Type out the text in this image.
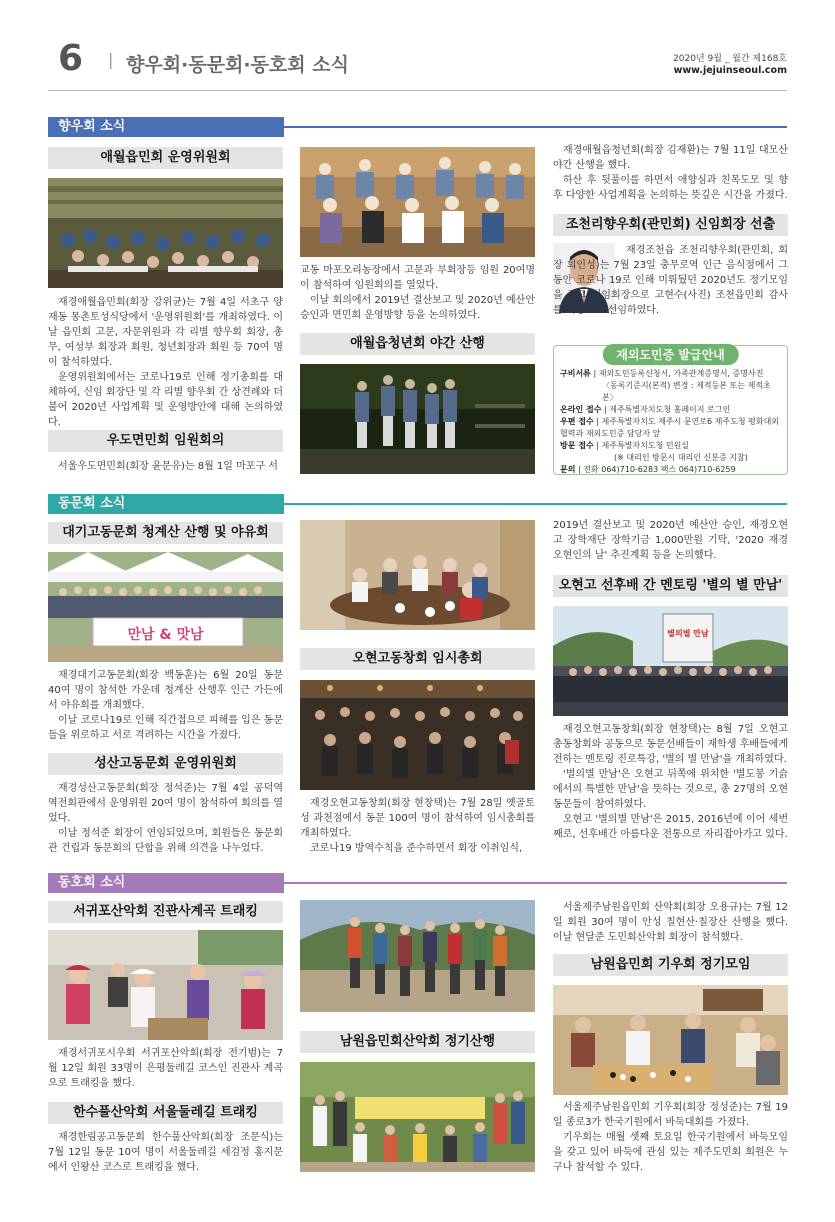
6 | 향우회·동문회·동호회 소식	2020년 9월 _ 월간 제168호
www.jejuinseoul.com
향우회 소식
애월읍민회 운영위원회
재경애월읍민회(회장 강위균)는 7월 4일 서초구 양재동 몽촌토성식당에서 '운영위원회'를 개최하였다. 이날 읍민회 고문, 자문위원과 각 리별 향우회 회장, 총무, 여성부 회장과 회원, 청년회장과 회원 등 70여 명이 참석하였다.
운영위원회에서는 코로나19로 인해 정기총회를 대체하여, 신임 회장단 및 각 리별 향우회 간 상견례와 더불어 2020년 사업계획 및 운영방안에 대해 논의하였다.
우도면민회 임원회의
서울우도면민회(회장 윤문유)는 8월 1일 마포구 서
교동 마포오리농장에서 고문과 부회장등 임원 20여명이 참석하여 임원회의를 열었다.
이날 회의에서 2019년 결산보고 및 2020년 예산안 승인과 면민회 운영방향 등을 논의하였다.
애월읍청년회 야간 산행
재경애월읍청년회(회장 김재환)는 7월 11일 대모산 야간 산행을 했다.
하산 후 뒷풀이를 하면서 애향심과 친목도모 및 향후 다양한 사업계획을 논의하는 뜻깊은 시간을 가졌다.
조천리향우회(관민회) 신임회장 선출
재경조천읍 조천리향우회(관민회, 회장 회인성)는 7월 23일 충무로역 인근 음식점에서 그동안 코로나 19로 인해 미뤄뒀던 2020년도 정기모임을 갖고 신임회장으로 고현수(사진) 조천읍민회 감사를 회장으로 선임하였다.
재외도민증 발급안내
구비서류 | 재외도민등록신청서, 가족관계증명서, 증명사진
〈동록기준지(본적) 변경 : 제적등본 또는 제적초본〉
온라인 접수 | 제주특별자치도청 홈페이지 로그인
우편 접수 | 제주특별자치도 제주시 문연로6 제주도청 평화대외협력과 재외도민증 담당자 앞
방문 접수 | 제주특별자치도청 민원실
(※ 대리인 방문시 대리인 신분증 지참)
문의 | 전화 064)710-6283 팩스 064)710-6259
동문회 소식
대기고동문회 청계산 산행 및 야유회
만남 & 맛남
재경대기고동문회(회장 백동훈)는 6월 20일 동문 40여 명이 참석한 가운데 청계산 산행후 인근 가든에서 야유회를 개최했다.
이날 코로나19로 인해 직간접으로 피해를 입은 동문들을 위로하고 서로 격려하는 시간을 가졌다.
성산고동문회 운영위원회
재경성산고동문회(회장 정석준)는 7월 4일 공덕역 역전회관에서 운영위원 20여 명이 참석하여 회의를 열었다.
이날 정석준 회장이 연임되었으며, 회원들은 동문회관 건립과 동문회의 단합을 위해 의견을 나누었다.
오현고동창회 임시총회
재경오현고동창회(회장 현창택)는 7월 28일 옛골토성 과천점에서 동문 100여 명이 참석하여 임시총회를 개최하였다.
코로나19 방역수칙을 준수하면서 회장 이취임식,
2019년 결산보고 및 2020년 예산안 승인, 재경오현고 장학재단 장학기금 1,000만원 기탁, '2020 재경 오현인의 날' 추진계획 등을 논의했다.
오현고 선후배 간 멘토링 '별의 별 만남'
별의별 만남
재경오현고동창회(회장 현창택)는 8월 7일 오현고 총동창회와 공동으로 동문선배들이 재학생 후배들에게 전하는 멘토링 진로특강, '별의 별 만남'을 개최하였다.
'별의별 만남'은 오현고 뒤쪽에 위치한 '별도봉 기슭에서의 특별한 만남'을 뜻하는 것으로, 총 27명의 오현동문들이 참여하였다.
오현고 '별의별 만남'은 2015, 2016년에 이어 세번째로, 선후배간 아름다운 전통으로 자리잡아가고 있다.
동호회 소식
서귀포산악회 진관사계곡 트래킹
재경서귀포시우회 서귀포산악회(회장 전기범)는 7월 12일 회원 33명이 은평둘레길 코스인 진관사 계곡으로 트래킹을 했다.
한수풀산악회 서울둘레길 트래킹
재경한림공고동문회 한수풀산악회(회장 조문식)는 7월 12일 동문 10여 명이 서울둘레길 세검정 홍지문에서 인왕산 코스로 트래킹을 했다.
남원읍민회산악회 정기산행
서울제주남원읍민회 산악회(회장 오용규)는 7월 12일 회원 30여 명이 안성 칠현산·칠장산 산행을 했다. 이날 현달준 도민회산악회 회장이 참석했다.
남원읍민회 기우회 정기모임
서울제주남원읍민회 기우회(회장 정성준)는 7월 19일 종로3가 한국기원에서 바둑대회를 가졌다.
기우회는 매월 셋째 토요일 한국기원에서 바둑모임을 갖고 있어 바둑에 관심 있는 제주도민회 회원은 누구나 참석할 수 있다.
